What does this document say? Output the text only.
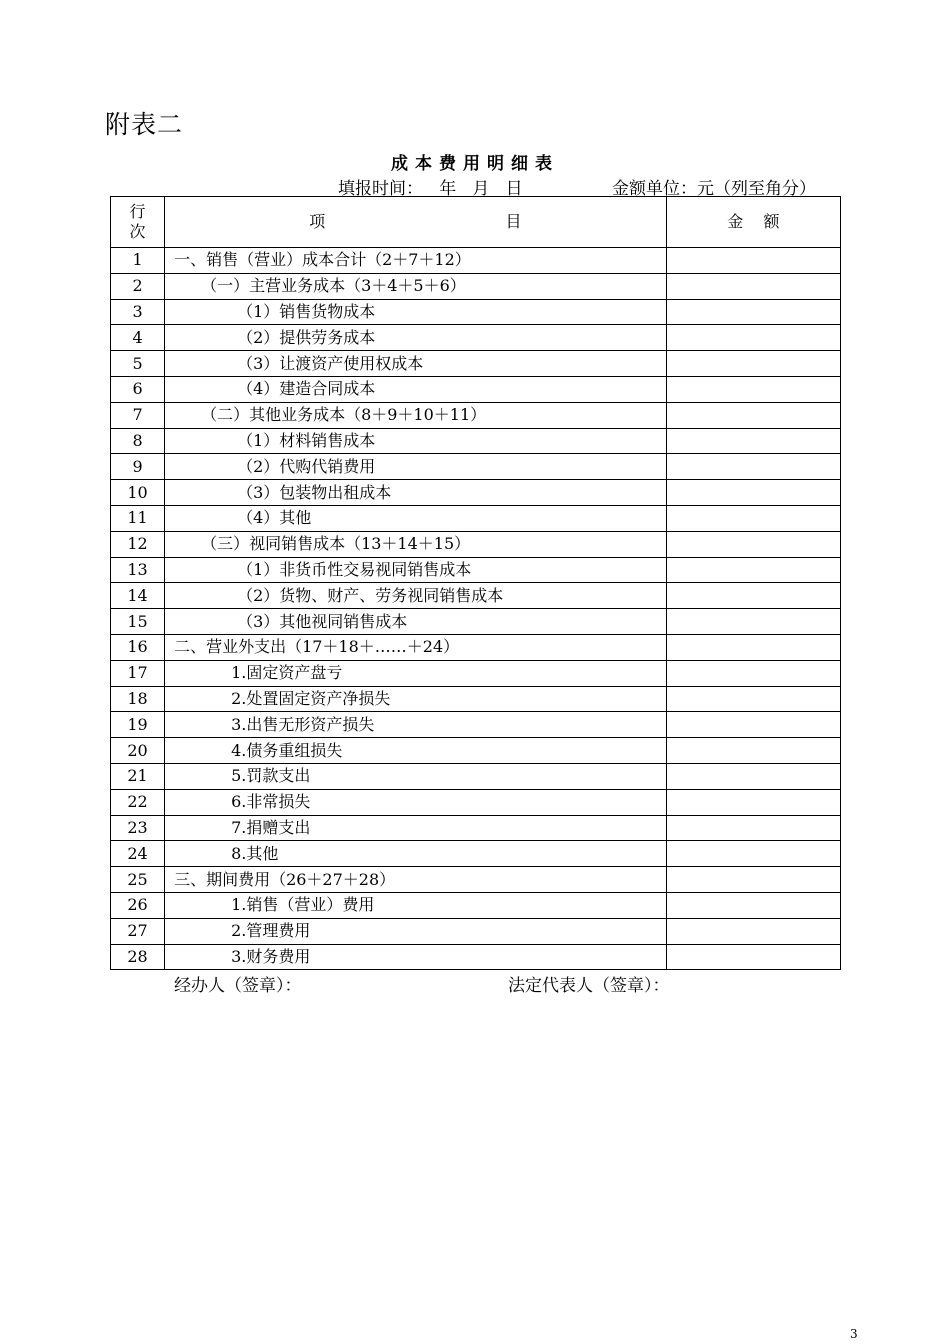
附表二
成本费用明细表
填报时间：   年   月   日	金额单位：元（列至角分）
行
次	项 目	金    额
1	一、销售（营业）成本合计（2＋7＋12）	
2	（一）主营业务成本（3＋4＋5＋6）	
3	（1）销售货物成本	
4	（2）提供劳务成本	
5	（3）让渡资产使用权成本	
6	（4）建造合同成本	
7	（二）其他业务成本（8＋9＋10＋11）	
8	（1）材料销售成本	
9	（2）代购代销费用	
10	（3）包装物出租成本	
11	（4）其他	
12	（三）视同销售成本（13＋14＋15）	
13	（1）非货币性交易视同销售成本	
14	（2）货物、财产、劳务视同销售成本	
15	（3）其他视同销售成本	
16	二、营业外支出（17＋18＋……＋24）	
17	1.固定资产盘亏	
18	2.处置固定资产净损失	
19	3.出售无形资产损失	
20	4.债务重组损失	
21	5.罚款支出	
22	6.非常损失	
23	7.捐赠支出	
24	8.其他	
25	三、期间费用（26＋27＋28）	
26	1.销售（营业）费用	
27	2.管理费用	
28	3.财务费用	
经办人（签章）：	法定代表人（签章）：
3
